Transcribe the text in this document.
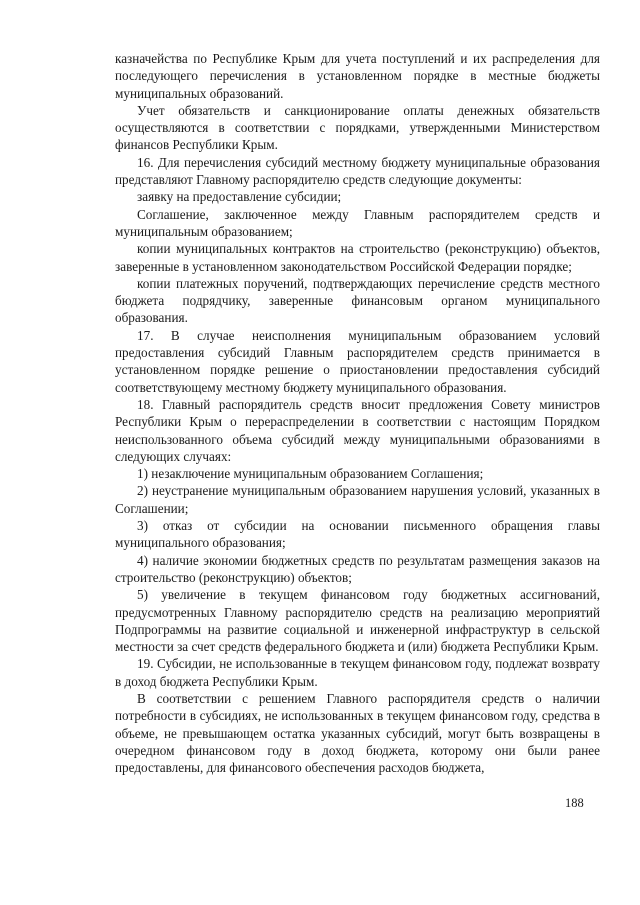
казначейства по Республике Крым для учета поступлений и их распределения для последующего перечисления в установленном порядке в местные бюджеты муниципальных образований.

Учет обязательств и санкционирование оплаты денежных обязательств осуществляются в соответствии с порядками, утвержденными Министерством финансов Республики Крым.

16. Для перечисления субсидий местному бюджету муниципальные образования представляют Главному распорядителю средств следующие документы:

заявку на предоставление субсидии;

Соглашение, заключенное между Главным распорядителем средств и муниципальным образованием;

копии муниципальных контрактов на строительство (реконструкцию) объектов, заверенные в установленном законодательством Российской Федерации порядке;

копии платежных поручений, подтверждающих перечисление средств местного бюджета подрядчику, заверенные финансовым органом муниципального образования.

17. В случае неисполнения муниципальным образованием условий предоставления субсидий Главным распорядителем средств принимается в установленном порядке решение о приостановлении предоставления субсидий соответствующему местному бюджету муниципального образования.

18. Главный распорядитель средств вносит предложения Совету министров Республики Крым о перераспределении в соответствии с настоящим Порядком неиспользованного объема субсидий между муниципальными образованиями в следующих случаях:

1) незаключение муниципальным образованием Соглашения;

2) неустранение муниципальным образованием нарушения условий, указанных в Соглашении;

3) отказ от субсидии на основании письменного обращения главы муниципального образования;

4) наличие экономии бюджетных средств по результатам размещения заказов на строительство (реконструкцию) объектов;

5) увеличение в текущем финансовом году бюджетных ассигнований, предусмотренных Главному распорядителю средств на реализацию мероприятий Подпрограммы на развитие социальной и инженерной инфраструктур в сельской местности за счет средств федерального бюджета и (или) бюджета Республики Крым.

19. Субсидии, не использованные в текущем финансовом году, подлежат возврату в доход бюджета Республики Крым.

В соответствии с решением Главного распорядителя средств о наличии потребности в субсидиях, не использованных в текущем финансовом году, средства в объеме, не превышающем остатка указанных субсидий, могут быть возвращены в очередном финансовом году в доход бюджета, которому они были ранее предоставлены, для финансового обеспечения расходов бюджета,

188
